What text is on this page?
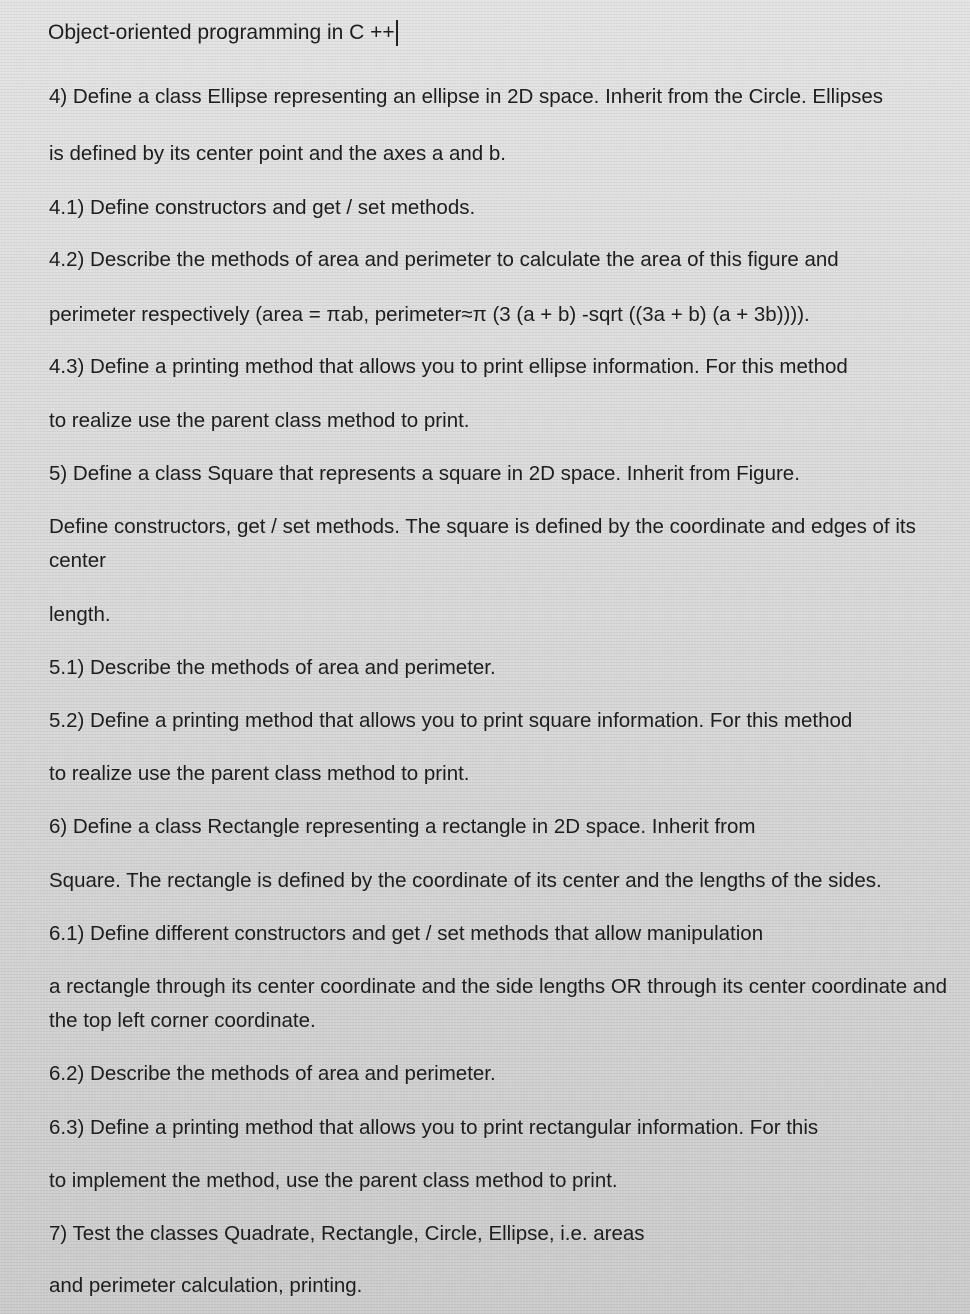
Object-oriented programming in C ++
4) Define a class Ellipse representing an ellipse in 2D space. Inherit from the Circle. Ellipses
is defined by its center point and the axes a and b.
4.1) Define constructors and get / set methods.
4.2) Describe the methods of area and perimeter to calculate the area of this figure and
perimeter respectively (area = πab, perimeter≈π (3 (a + b) -sqrt ((3a + b) (a + 3b)))).
4.3) Define a printing method that allows you to print ellipse information. For this method
to realize use the parent class method to print.
5) Define a class Square that represents a square in 2D space. Inherit from Figure.
Define constructors, get / set methods. The square is defined by the coordinate and edges of its center
length.
5.1) Describe the methods of area and perimeter.
5.2) Define a printing method that allows you to print square information. For this method
to realize use the parent class method to print.
6) Define a class Rectangle representing a rectangle in 2D space. Inherit from
Square. The rectangle is defined by the coordinate of its center and the lengths of the sides.
6.1) Define different constructors and get / set methods that allow manipulation
a rectangle through its center coordinate and the side lengths OR through its center coordinate and the top left corner coordinate.
6.2) Describe the methods of area and perimeter.
6.3) Define a printing method that allows you to print rectangular information. For this
to implement the method, use the parent class method to print.
7) Test the classes Quadrate, Rectangle, Circle, Ellipse, i.e. areas
and perimeter calculation, printing.
